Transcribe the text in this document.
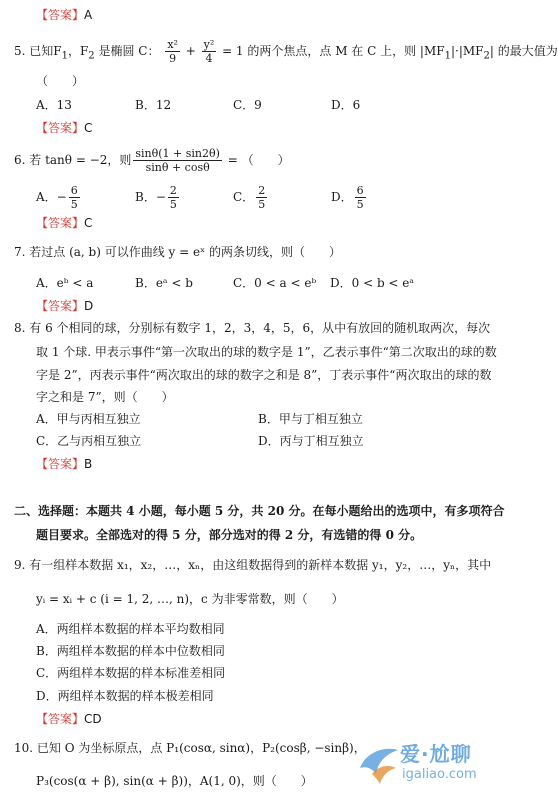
【答案】A
5. 已知$F_1$，$F_2$ 是椭圆 C： $\frac{\text{x²}}{9} + \frac{\text{y²}}{4} = 1$ 的两个焦点，点 M 在 C 上，则 $|MF_1|\cdot|MF_2|$ 的最大值为
（　　）
A．13	B．12	C．9	D．6
【答案】C
6. 若 tanθ = −2，则 $\frac{\sin\theta(1 + \sin 2\theta)}{\sin\theta + \cos\theta}$ = （　　）
A．− $\frac{6}{5}$	B．− $\frac{2}{5}$	C． $\frac{2}{5}$	D． $\frac{6}{5}$
【答案】C
7. 若过点 (a, b) 可以作曲线 y = eˣ 的两条切线，则（　　）
A．eᵇ < a	B．eᵃ < b	C．0 < a < eᵇ D．0 < b < eᵃ
【答案】D
8. 有 6 个相同的球，分别标有数字 1，2，3，4，5，6，从中有放回的随机取两次，每次
取 1 个球. 甲表示事件“第一次取出的球的数字是 1”，乙表示事件“第二次取出的球的数
字是 2”，丙表示事件“两次取出的球的数字之和是 8”，丁表示事件“两次取出的球的数
字之和是 7”，则（　　）
A．甲与丙相互独立	B．甲与丁相互独立
C．乙与丙相互独立	D．丙与丁相互独立
【答案】B
二、选择题：本题共 4 小题，每小题 5 分，共 20 分。在每小题给出的选项中，有多项符合
题目要求。全部选对的得 5 分，部分选对的得 2 分，有选错的得 0 分。
9. 有一组样本数据 x₁，x₂，…，xₙ，由这组数据得到的新样本数据 y₁，y₂，…，yₙ，其中
yᵢ = xᵢ + c (i = 1, 2, …, n)，c 为非零常数，则（　　）
A．两组样本数据的样本平均数相同
B．两组样本数据的样本中位数相同
C．两组样本数据的样本标准差相同
D．两组样本数据的样本极差相同
【答案】CD
10. 已知 O 为坐标原点，点 P₁(cosα, sinα)，P₂(cosβ, −sinβ)，
P₃(cos(α + β), sin(α + β))，A(1, 0)，则（　　）
爱·尬聊
igaliao.com
